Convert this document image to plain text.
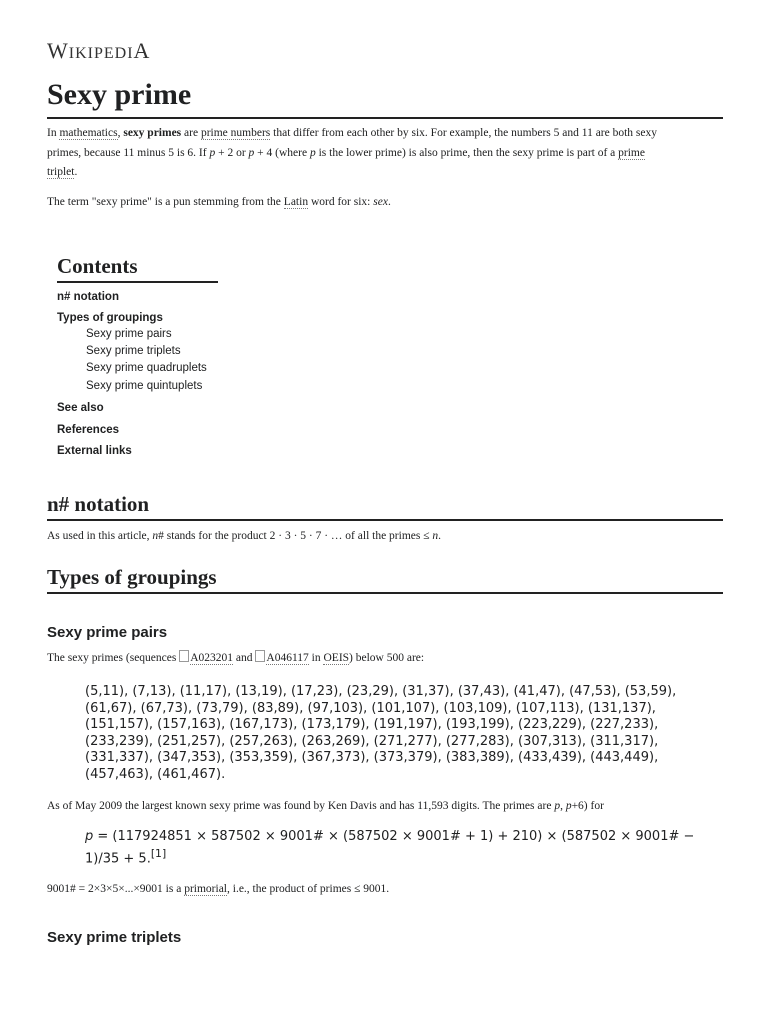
WIKIPEDIA
Sexy prime
In mathematics, sexy primes are prime numbers that differ from each other by six. For example, the numbers 5 and 11 are both sexy
primes, because 11 minus 5 is 6. If p + 2 or p + 4 (where p is the lower prime) is also prime, then the sexy prime is part of a prime
triplet.
The term "sexy prime" is a pun stemming from the Latin word for six: sex.
Contents
n# notation
Types of groupings
Sexy prime pairs
Sexy prime triplets
Sexy prime quadruplets
Sexy prime quintuplets
See also
References
External links
n# notation
As used in this article, n# stands for the product 2 · 3 · 5 · 7 · … of all the primes ≤ n.
Types of groupings
Sexy prime pairs
The sexy primes (sequences A023201 and A046117 in OEIS) below 500 are:
(5,11), (7,13), (11,17), (13,19), (17,23), (23,29), (31,37), (37,43), (41,47), (47,53), (53,59), (61,67), (67,73), (73,79), (83,89), (97,103), (101,107), (103,109), (107,113), (131,137), (151,157), (157,163), (167,173), (173,179), (191,197), (193,199), (223,229), (227,233), (233,239), (251,257), (257,263), (263,269), (271,277), (277,283), (307,313), (311,317), (331,337), (347,353), (353,359), (367,373), (373,379), (383,389), (433,439), (443,449), (457,463), (461,467).
As of May 2009 the largest known sexy prime was found by Ken Davis and has 11,593 digits. The primes are p, p+6) for
p = (117924851 × 587502 × 9001# × (587502 × 9001# + 1) + 210) × (587502 × 9001# − 1)/35 + 5.[1]
9001# = 2×3×5×...×9001 is a primorial, i.e., the product of primes ≤ 9001.
Sexy prime triplets
